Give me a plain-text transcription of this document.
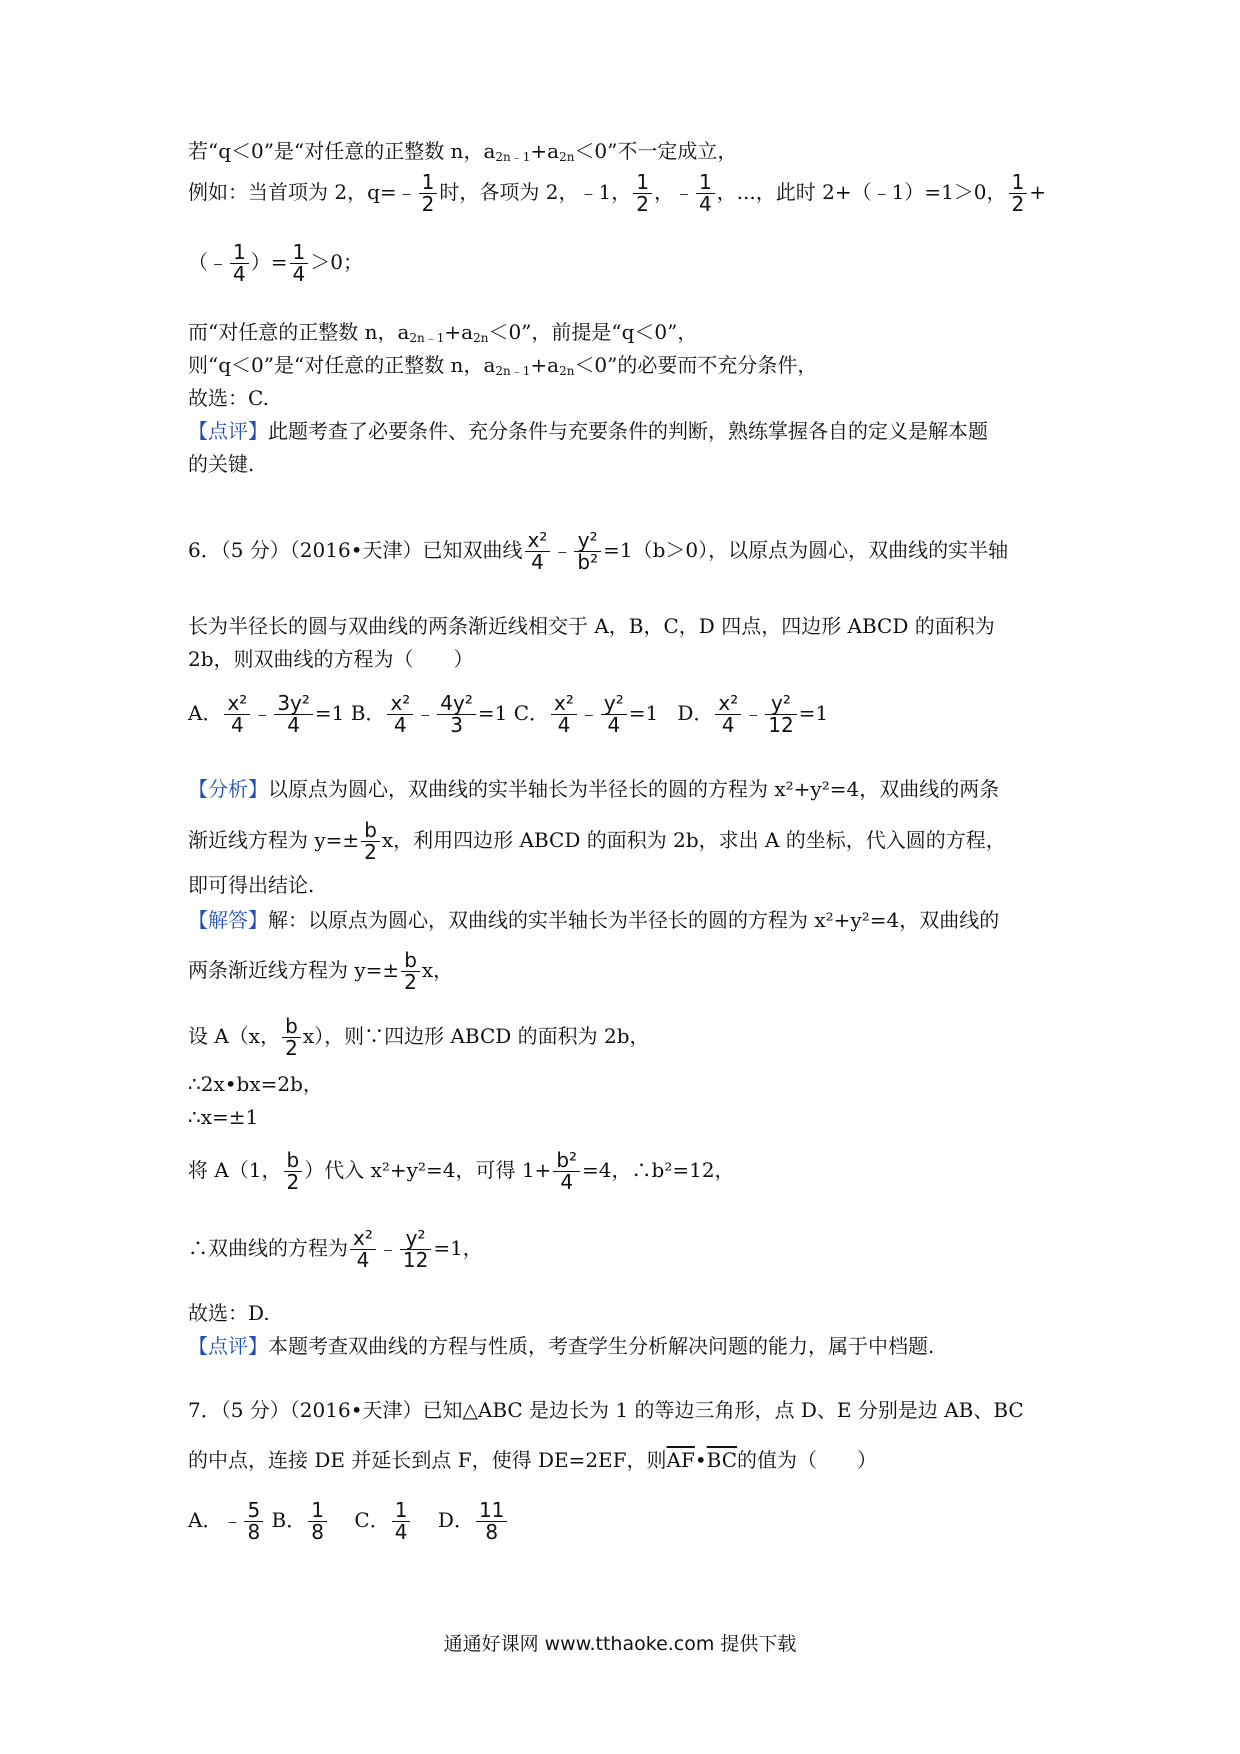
若“q＜0”是“对任意的正整数 n，$a_{2n﹣1}+a_{2n}<0$”不一定成立，
例如：当首项为 2，q=﹣ $\frac{1}{2}$ 时，各项为 2，﹣1， $\frac{1}{2}$ ，﹣ $\frac{1}{4}$ ，...，此时 2+（﹣1）=1＞0， $\frac{1}{2}$ +
（﹣ $\frac{1}{4}$ ）= $\frac{1}{4} >0$；
而“对任意的正整数 n，$a_{2n﹣1}+a_{2n}<0$”，前提是“q＜0”，
则“q＜0”是“对任意的正整数 n，$a_{2n﹣1}+a_{2n}<0$”的必要而不充分条件，
故选：C.
【点评】此题考查了必要条件、充分条件与充要条件的判断，熟练掌握各自的定义是解本题
的关键.
6．（5 分）（2016•天津）已知双曲线 $\frac{\text{x²}}{4}$ ﹣ $\frac{\text{y²}}{\text{b²}} =1(b>0)$，以原点为圆心，双曲线的实半轴
长为半径长的圆与双曲线的两条渐近线相交于 A，B，C，D 四点，四边形 ABCD 的面积为
2b，则双曲线的方程为（　　）
A． $\frac{\text{x²}}{4}$ ﹣ $\frac{\text{3y²}}{4} =1$ B． $\frac{\text{x²}}{4}$ ﹣ $\frac{\text{4y²}}{3} =1$ C． $\frac{\text{x²}}{4}$ ﹣ $\frac{\text{y²}}{4} =1$ D． $\frac{\text{x²}}{4}$ ﹣ $\frac{\text{y²}}{12} =1$
【分析】以原点为圆心，双曲线的实半轴长为半径长的圆的方程为 x²+y²=4，双曲线的两条
渐近线方程为 $y=\pm \frac{b}{2}$ x，利用四边形 ABCD 的面积为 2b，求出 A 的坐标，代入圆的方程，
即可得出结论.
【解答】解：以原点为圆心，双曲线的实半轴长为半径长的圆的方程为 x²+y²=4，双曲线的
两条渐近线方程为 $y=\pm \frac{b}{2}$ x，
设 A（x， $\frac{b}{2} x$），则∵四边形 ABCD 的面积为 2b，
∴2x•bx=2b，
∴x=±1
将 A（1， $\frac{b}{2}$ ）代入 x²+y²=4，可得 $1+ \frac{\text{b²}}{4} =4$，∴b²=12，
∴双曲线的方程为 $\frac{\text{x²}}{4}$ ﹣ $\frac{\text{y²}}{12} =1$，
故选：D.
【点评】本题考查双曲线的方程与性质，考查学生分析解决问题的能力，属于中档题.
7．（5 分）（2016•天津）已知△ABC 是边长为 1 的等边三角形，点 D、E 分别是边 AB、BC
的中点，连接 DE 并延长到点 F，使得 DE=2EF，则$\overline{AF}•\overline{BC}$的值为（　　）
A．﹣ $\frac{5}{8}$ B． $\frac{1}{8}$ C． $\frac{1}{4}$ D． $\frac{11}{8}$
通通好课网 www.tthaoke.com 提供下载
